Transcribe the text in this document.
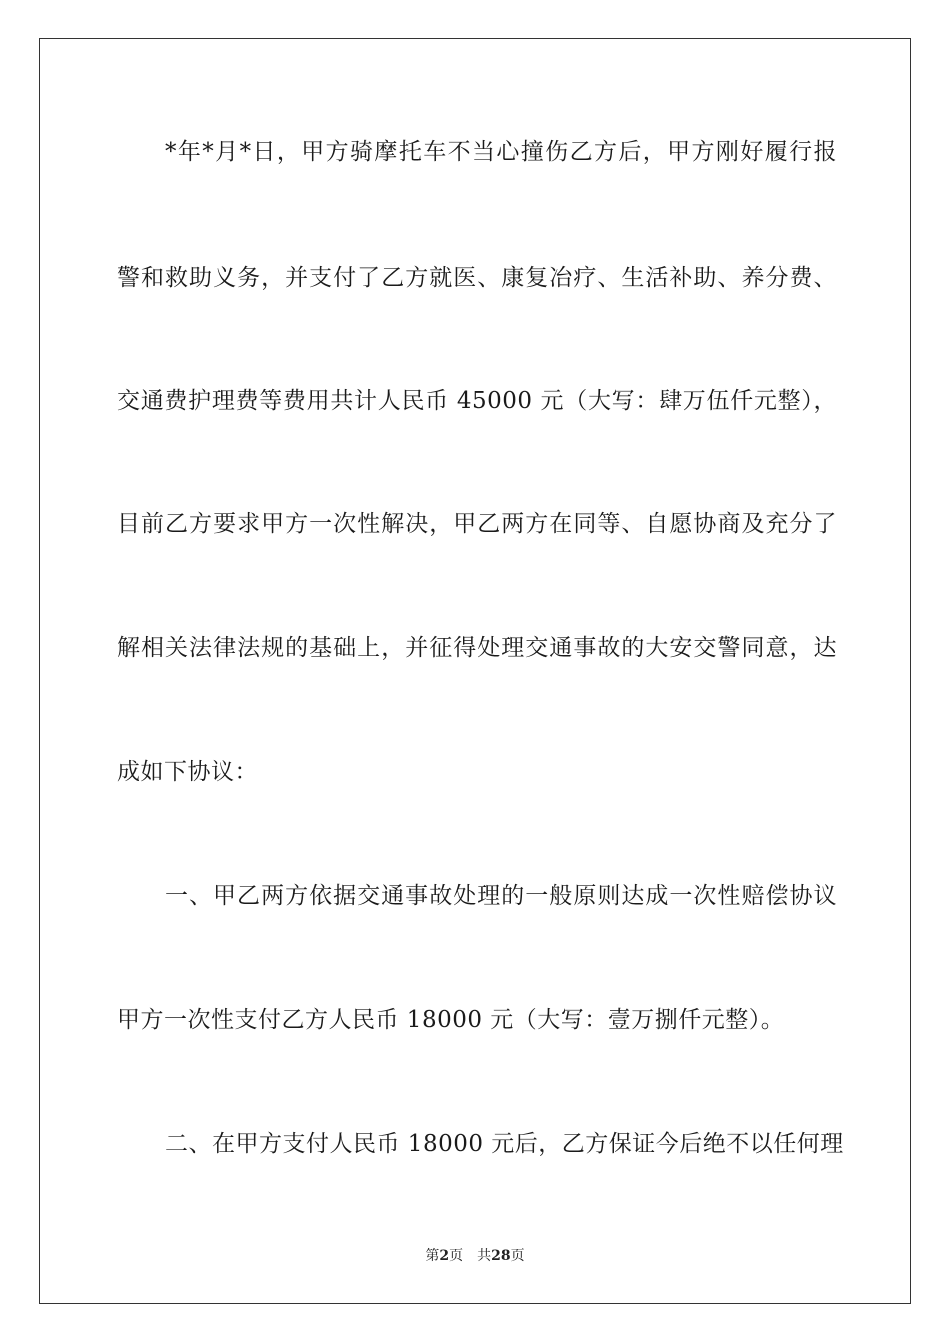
*年*月*日，甲方骑摩托车不当心撞伤乙方后，甲方刚好履行报
警和救助义务，并支付了乙方就医、康复冶疗、生活补助、养分费、
交通费护理费等费用共计人民币 45000 元（大写：肆万伍仟元整），
目前乙方要求甲方一次性解决，甲乙两方在同等、自愿协商及充分了
解相关法律法规的基础上，并征得处理交通事故的大安交警同意，达
成如下协议：
一、甲乙两方依据交通事故处理的一般原则达成一次性赔偿协议
甲方一次性支付乙方人民币 18000 元（大写：壹万捌仟元整）。
二、在甲方支付人民币 18000 元后，乙方保证今后绝不以任何理
第2页 共28页
